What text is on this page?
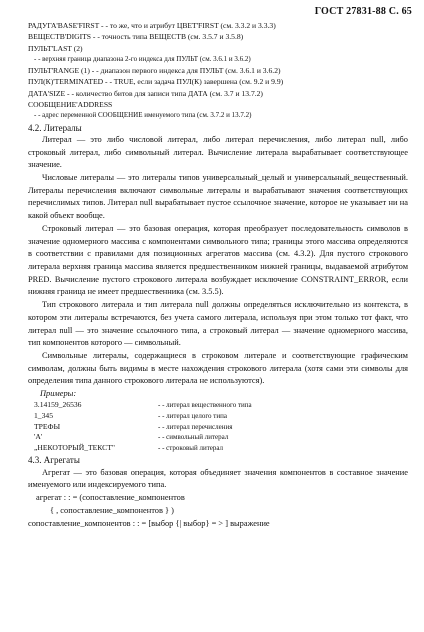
ГОСТ 27831-88 С. 65
РАДУГА'BASE'FIRST - - то же, что и атрибут ЦВЕТ'FIRST (см. 3.3.2 и 3.3.3)
ВЕЩЕСТВ'DIGITS - - точность типа ВЕЩЕСТВ (см. 3.5.7 и 3.5.8)
ПУЛЬТ'LAST (2)
- - верхняя граница диапазона 2-го индекса для ПУЛЬТ (см. 3.6.1 и 3.6.2)
ПУЛЬТ'RANGE (1) - - диапазон первого индекса для ПУЛЬТ (см. 3.6.1 и 3.6.2)
ПУЛ(К)'TERMINATED - - TRUE, если задача ПУЛ(К) завершена (см. 9.2 и 9.9)
ДАТА'SIZE - - количество битов для записи типа ДАТА (см. 3.7 и 13.7.2)
СООБЩЕНИЕ'ADDRESS
- - адрес переменной СООБЩЕНИЕ именуемого типа (см. 3.7.2 и 13.7.2)
4.2. Литералы

Литерал — это либо числовой литерал, либо литерал перечисления, либо литерал null, либо строковый литерал, либо символьный литерал. Вычисление литерала вырабатывает соответствующее значение.

Числовые литералы — это литералы типов универсальный_целый и универсальный_вещественный. Литералы перечисления включают символьные литералы и вырабатывают значения соответствующих перечислимых типов. Литерал null вырабатывает пустое ссылочное значение, которое не указывает ни на какой объект вообще.

Строковый литерал — это базовая операция, которая преобразует последовательность символов в значение одномерного массива с компонентами символьного типа; границы этого массива определяются в соответствии с правилами для позиционных агрегатов массива (см. 4.3.2). Для пустого строкового литерала верхняя граница массива является предшественником нижней границы, выдаваемой атрибутом PRED. Вычисление пустого строкового литерала возбуждает исключение CONSTRAINT_ERROR, если нижняя граница не имеет предшественника (см. 3.5.5).

Тип строкового литерала и тип литерала null должны определяться исключительно из контекста, в котором эти литералы встречаются, без учета самого литерала, используя при этом только тот факт, что литерал null — это значение ссылочного типа, а строковый литерал — значение одномерного массива, тип компонентов которого — символьный.

Символьные литералы, содержащиеся в строковом литерале и соответствующие графическим символам, должны быть видимы в месте нахождения строкового литерала (хотя сами эти символы для определения типа данного строкового литерала не используются).

Примеры:
3.14159_26536	- - литерал вещественного типа
1_345	- - литерал целого типа
ТРЕФЫ	- - литерал перечисления
'А'	- - символьный литерал
„НЕКОТОРЫЙ_ТЕКСТ"	- - строковый литерал
4.3. Агрегаты

Агрегат — это базовая операция, которая объединяет значения компонентов в составное значение именуемого или индексируемого типа.

агрегат : : = (сопоставление_компонентов
{ , сопоставление_компонентов } )
сопоставление_компонентов : : = [выбор {| выбор} = > ] выражение
